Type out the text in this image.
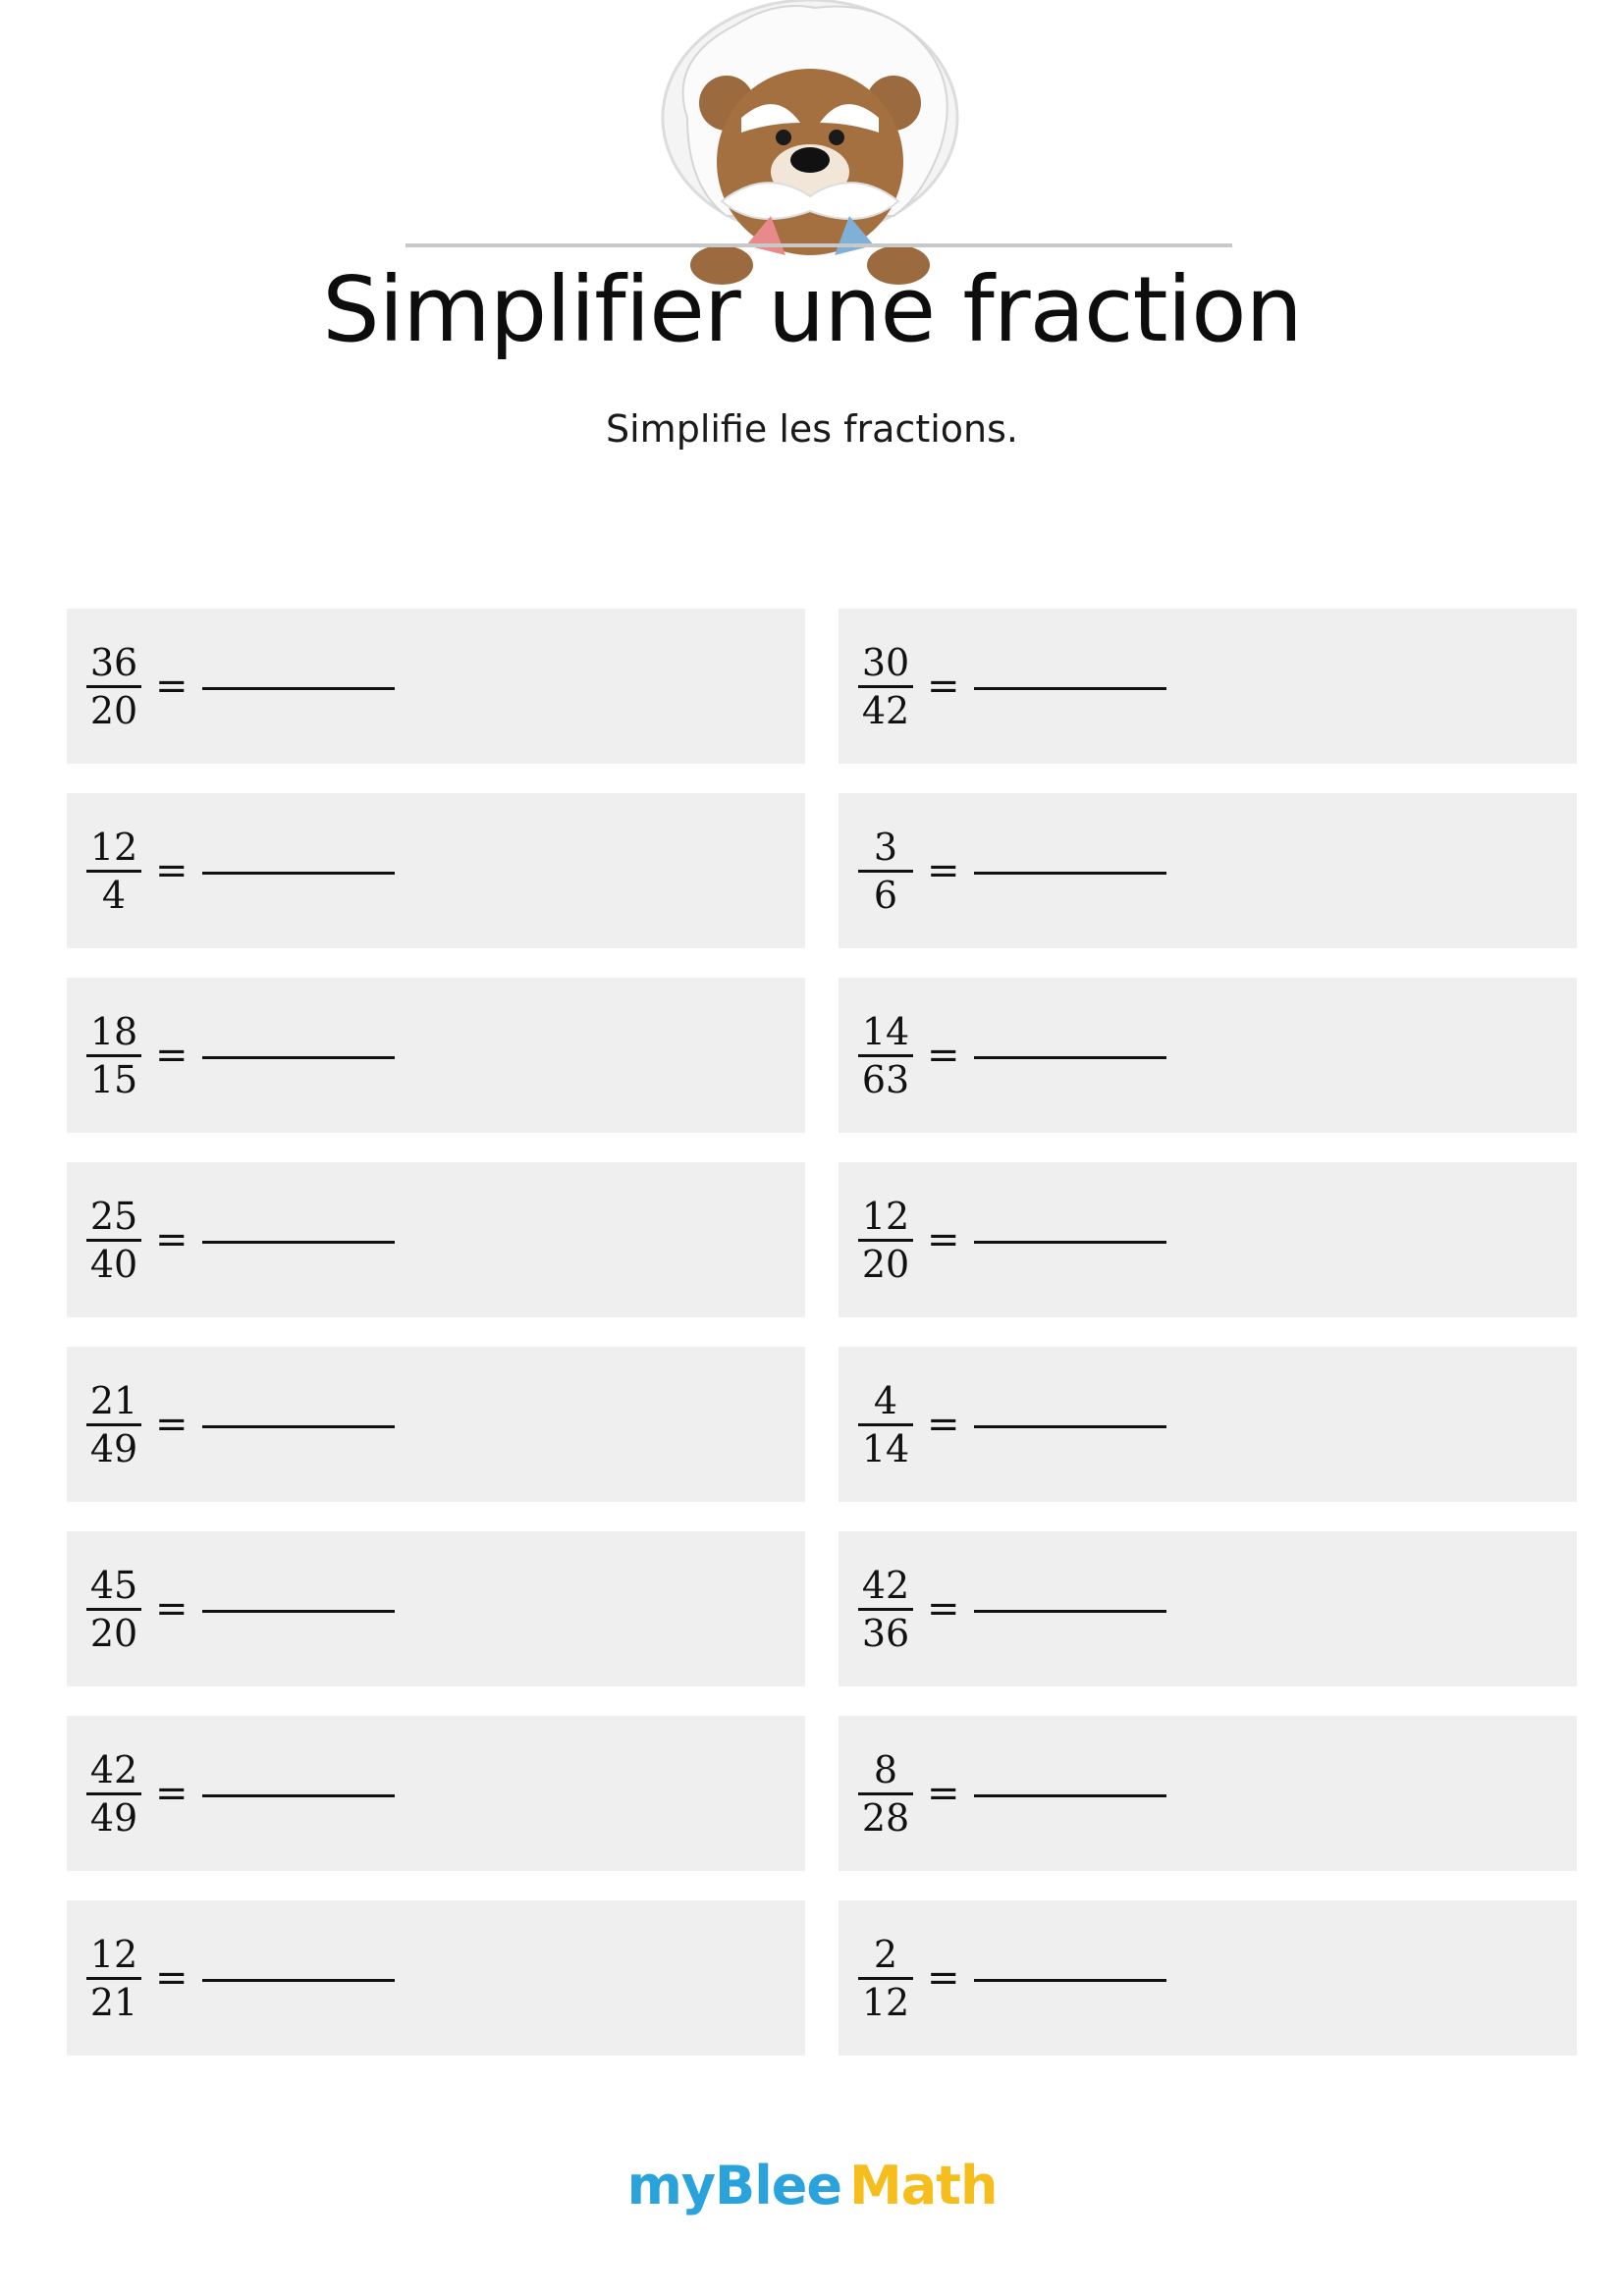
Simplifier une fraction
Simplifie les fractions.
$\frac{36}{20}$ =	$\frac{30}{42}$ =
$\frac{12}{4}$ =	$\frac{3}{6}$ =
$\frac{18}{15}$ =	$\frac{14}{63}$ =
$\frac{25}{40}$ =	$\frac{12}{20}$ =
$\frac{21}{49}$ =	$\frac{4}{14}$ =
$\frac{45}{20}$ =	$\frac{42}{36}$ =
$\frac{42}{49}$ =	$\frac{8}{28}$ =
$\frac{12}{21}$ =	$\frac{2}{12}$ =
myBlee Math
